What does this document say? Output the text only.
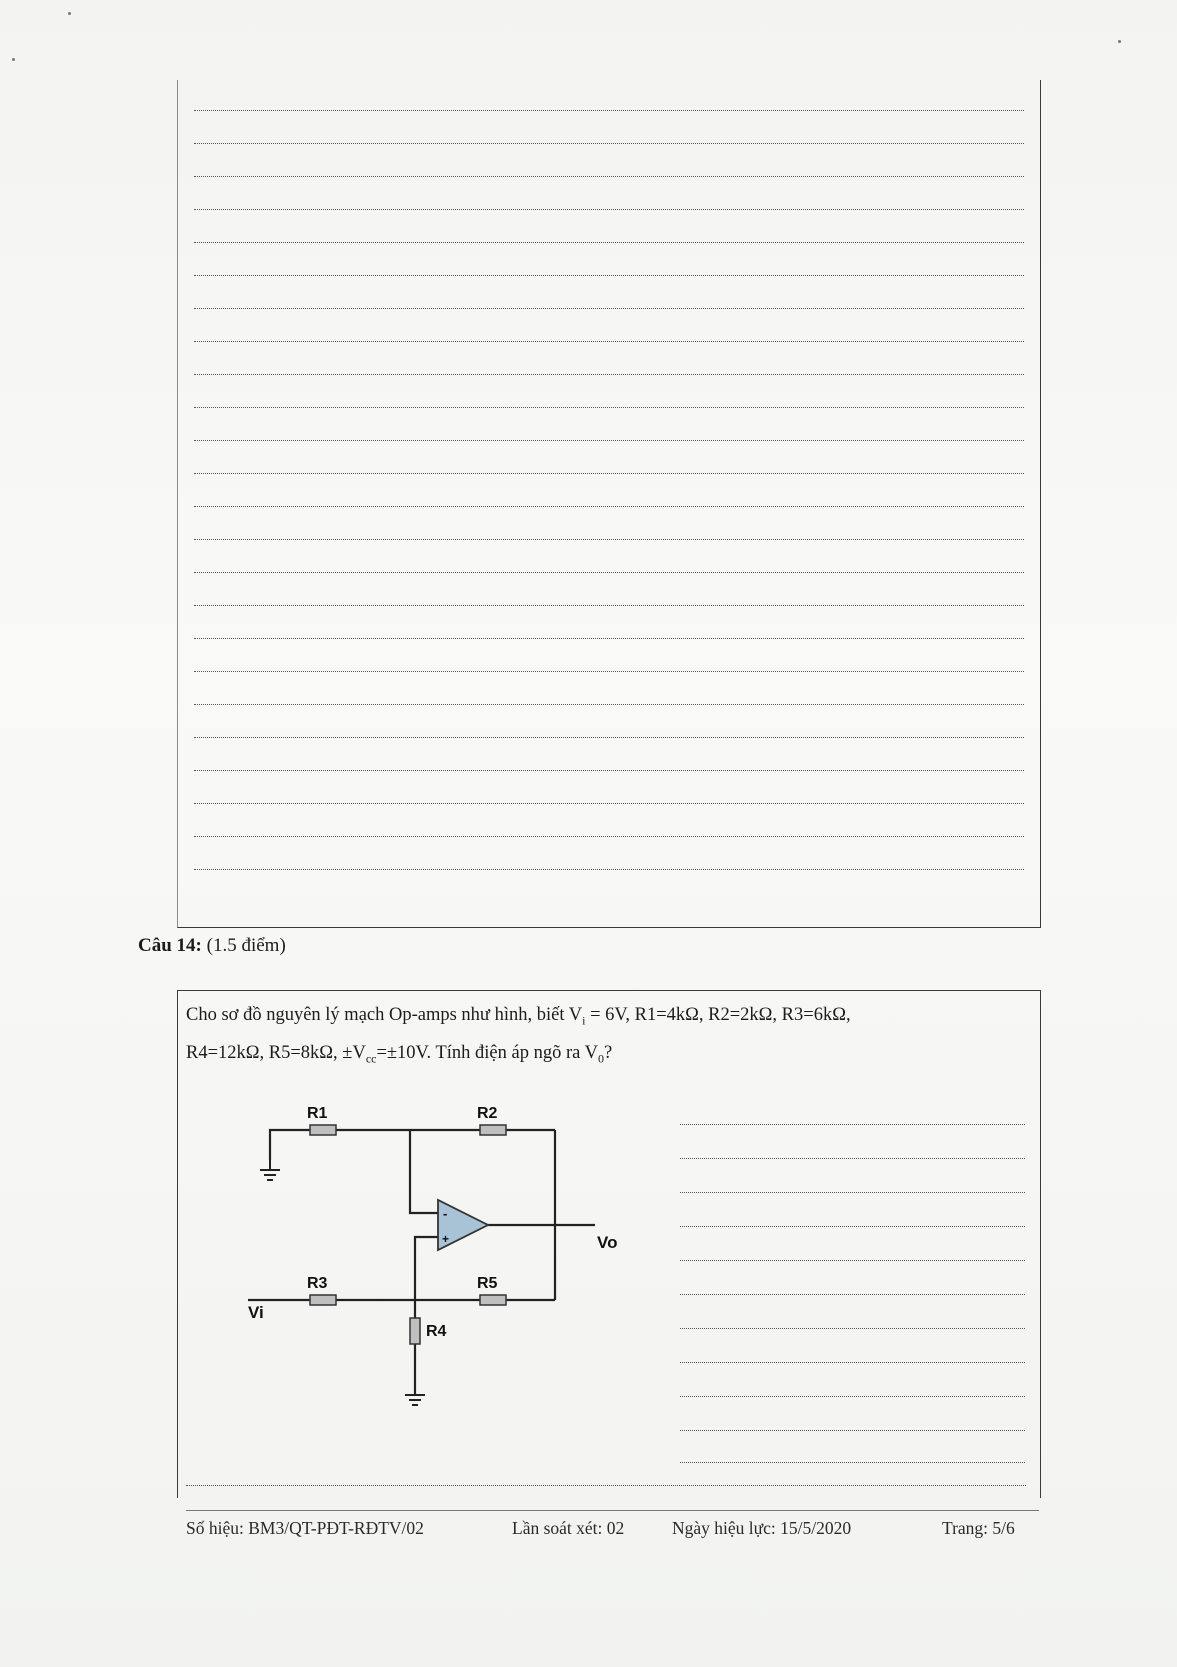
Câu 14: (1.5 điểm)
Cho sơ đồ nguyên lý mạch Op-amps như hình, biết $V_i = 6V$, R1=4kΩ, R2=2kΩ, R3=6kΩ,
R4=12kΩ, R5=8kΩ, $\pm V_{cc}=\pm 10V$. Tính điện áp ngõ ra $V_0$?
-
+
R1	R2
R3	R5
R4
Vi
Vo
Số hiệu: BM3/QT-PĐT-RĐTV/02	Lần soát xét: 02	Ngày hiệu lực: 15/5/2020	Trang: 5/6
